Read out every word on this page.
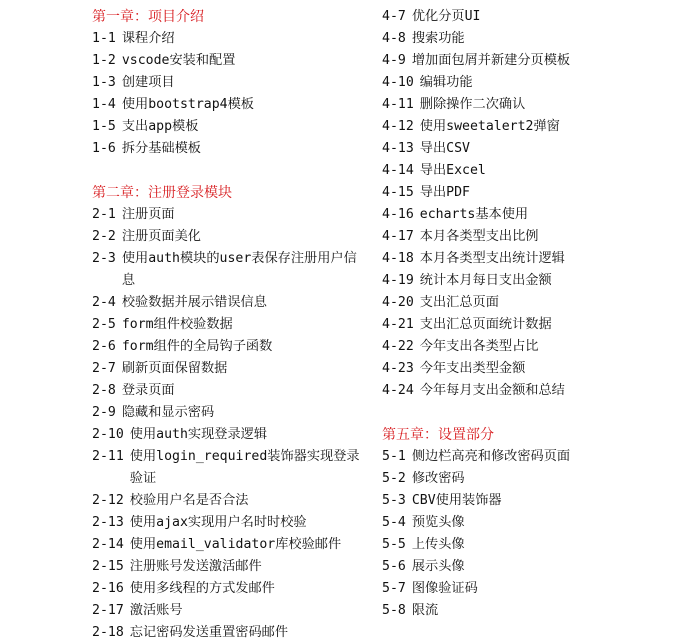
第一章：项目介绍
1-1 课程介绍
1-2 vscode安装和配置
1-3 创建项目
1-4 使用bootstrap4模板
1-5 支出app模板
1-6 拆分基础模板
第二章：注册登录模块
2-1 注册页面
2-2 注册页面美化
2-3 使用auth模块的user表保存注册用户信息
2-4 校验数据并展示错误信息
2-5 form组件校验数据
2-6 form组件的全局钩子函数
2-7 刷新页面保留数据
2-8 登录页面
2-9 隐藏和显示密码
2-10 使用auth实现登录逻辑
2-11 使用login_required装饰器实现登录验证
2-12 校验用户名是否合法
2-13 使用ajax实现用户名时时校验
2-14 使用email_validator库校验邮件
2-15 注册账号发送激活邮件
2-16 使用多线程的方式发邮件
2-17 激活账号
2-18 忘记密码发送重置密码邮件
4-7 优化分页UI
4-8 搜索功能
4-9 增加面包屑并新建分页模板
4-10 编辑功能
4-11 删除操作二次确认
4-12 使用sweetalert2弹窗
4-13 导出CSV
4-14 导出Excel
4-15 导出PDF
4-16 echarts基本使用
4-17 本月各类型支出比例
4-18 本月各类型支出统计逻辑
4-19 统计本月每日支出金额
4-20 支出汇总页面
4-21 支出汇总页面统计数据
4-22 今年支出各类型占比
4-23 今年支出类型金额
4-24 今年每月支出金额和总结
第五章：设置部分
5-1 侧边栏高亮和修改密码页面
5-2 修改密码
5-3 CBV使用装饰器
5-4 预览头像
5-5 上传头像
5-6 展示头像
5-7 图像验证码
5-8 限流
